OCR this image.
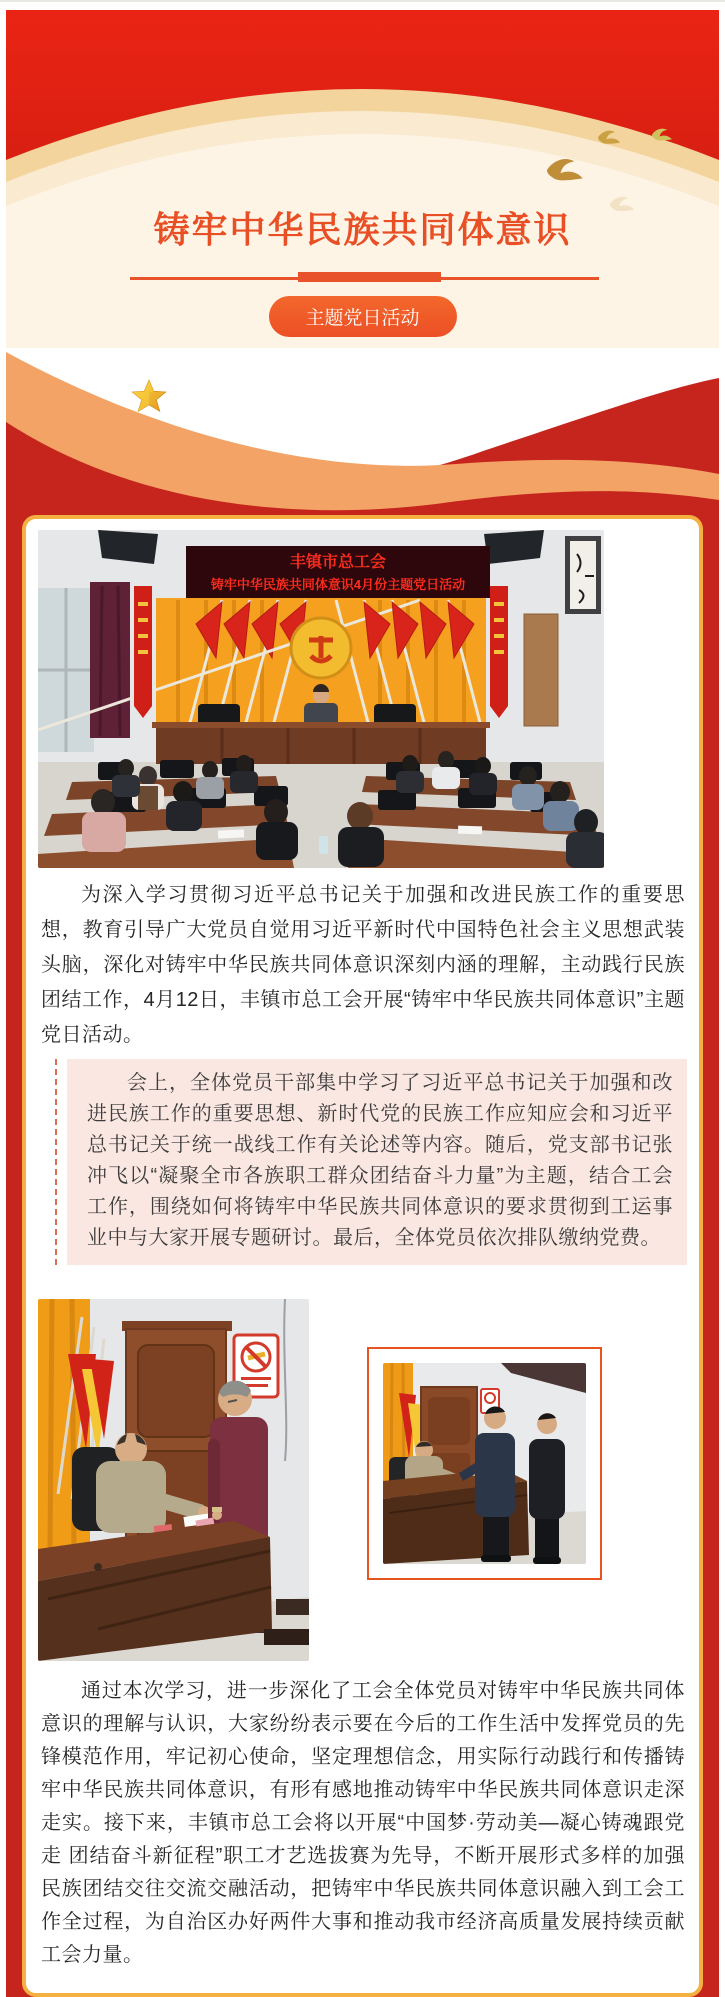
铸牢中华民族共同体意识
主题党日活动
丰镇市总工会
铸牢中华民族共同体意识4月份主题党日活动

为深入学习贯彻习近平总书记关于加强和改进民族工作的重要思想，教育引导广大党员自觉用习近平新时代中国特色社会主义思想武装头脑，深化对铸牢中华民族共同体意识深刻内涵的理解，主动践行民族团结工作，4月12日，丰镇市总工会开展“铸牢中华民族共同体意识”主题党日活动。

会上，全体党员干部集中学习了习近平总书记关于加强和改进民族工作的重要思想、新时代党的民族工作应知应会和习近平总书记关于统一战线工作有关论述等内容。随后，党支部书记张冲飞以“凝聚全市各族职工群众团结奋斗力量”为主题，结合工会工作，围绕如何将铸牢中华民族共同体意识的要求贯彻到工运事业中与大家开展专题研讨。最后，全体党员依次排队缴纳党费。

通过本次学习，进一步深化了工会全体党员对铸牢中华民族共同体意识的理解与认识，大家纷纷表示要在今后的工作生活中发挥党员的先锋模范作用，牢记初心使命，坚定理想信念，用实际行动践行和传播铸牢中华民族共同体意识，有形有感地推动铸牢中华民族共同体意识走深走实。接下来，丰镇市总工会将以开展“中国梦·劳动美—凝心铸魂跟党走 团结奋斗新征程”职工才艺选拔赛为先导，不断开展形式多样的加强民族团结交往交流交融活动，把铸牢中华民族共同体意识融入到工会工作全过程，为自治区办好两件大事和推动我市经济高质量发展持续贡献工会力量。
